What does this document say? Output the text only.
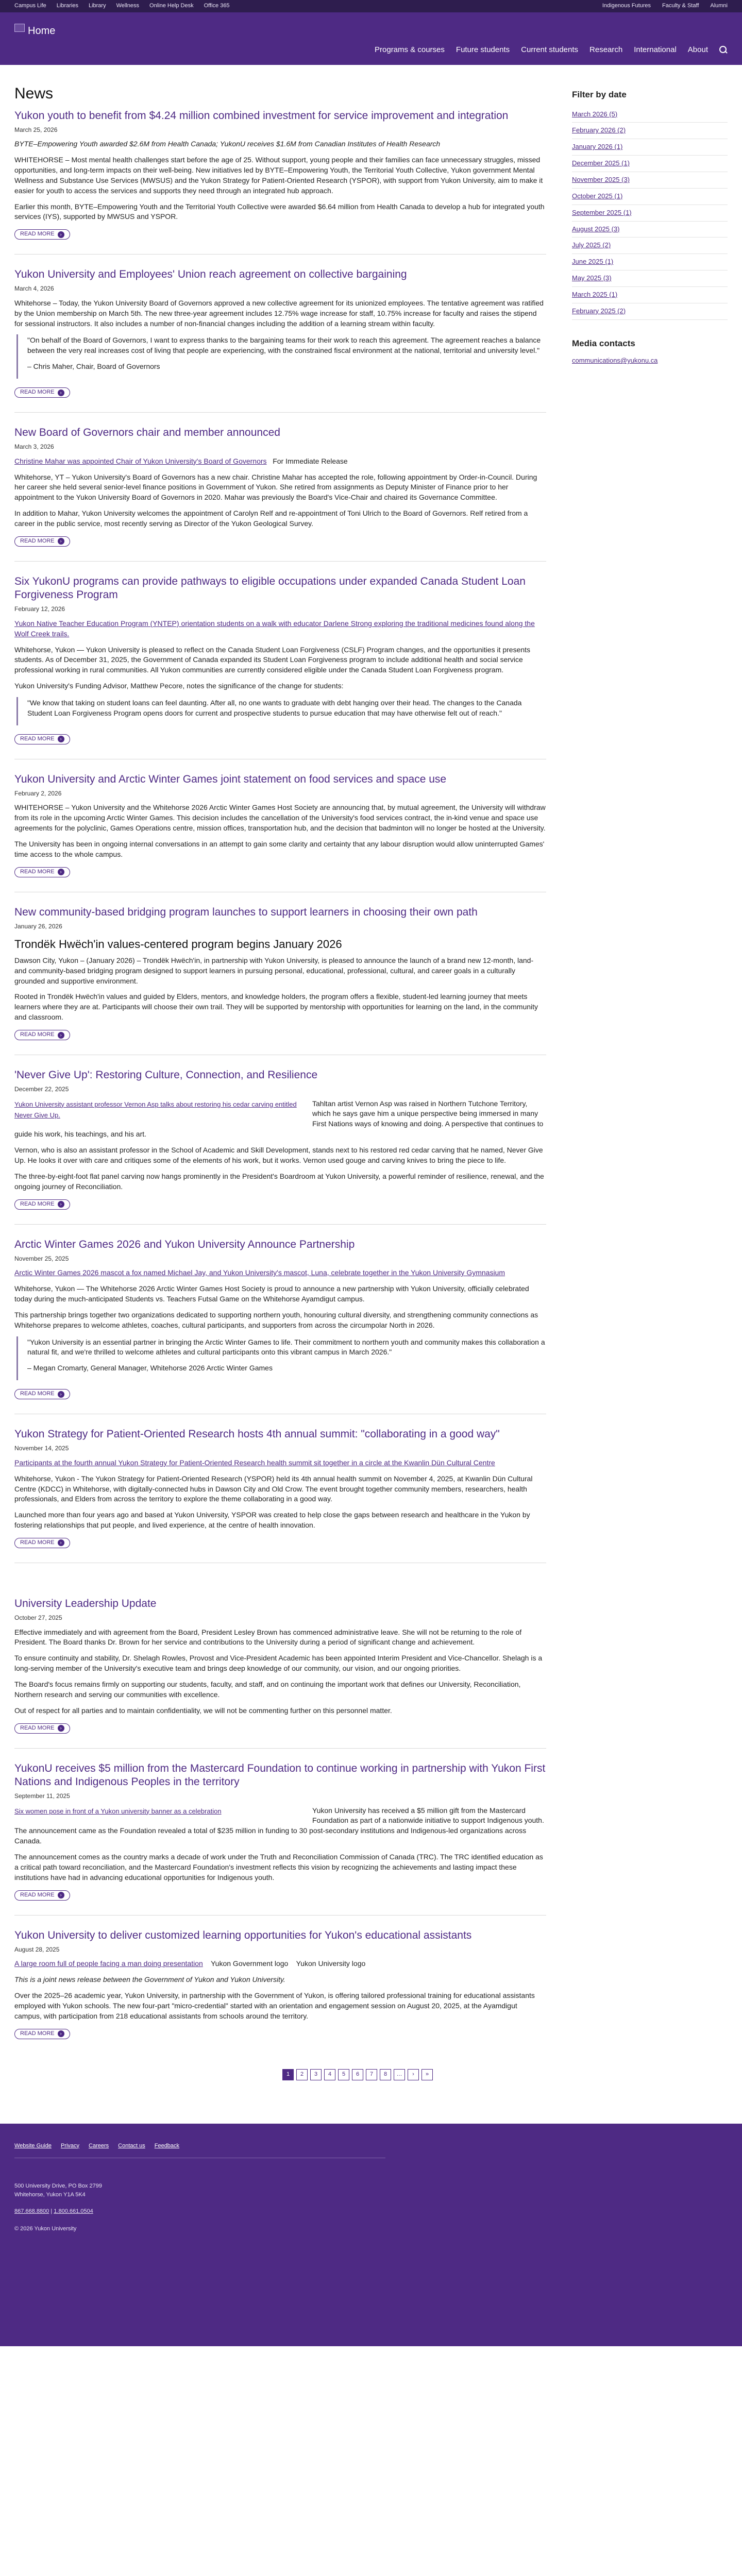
Campus Life Libraries Library Wellness Online Help Desk Office 365	Indigenous Futures Faculty & Staff Alumni
Home
Programs & courses Future students Current students Research International About
News
Yukon youth to benefit from $4.24 million combined investment for service improvement and integration
March 25, 2026

BYTE–Empowering Youth awarded $2.6M from Health Canada; YukonU receives $1.6M from Canadian Institutes of Health Research

WHITEHORSE – Most mental health challenges start before the age of 25. Without support, young people and their families can face unnecessary struggles, missed opportunities, and long-term impacts on their well-being. New initiatives led by BYTE–Empowering Youth, the Territorial Youth Collective, Yukon government Mental Wellness and Substance Use Services (MWSUS) and the Yukon Strategy for Patient-Oriented Research (YSPOR), with support from Yukon University, aim to make it easier for youth to access the services and supports they need through an integrated hub approach.

Earlier this month, BYTE–Empowering Youth and the Territorial Youth Collective were awarded $6.64 million from Health Canada to develop a hub for integrated youth services (IYS), supported by MWSUS and YSPOR.

READ MORE	›
Yukon University and Employees' Union reach agreement on collective bargaining
March 4, 2026

Whitehorse – Today, the Yukon University Board of Governors approved a new collective agreement for its unionized employees. The tentative agreement was ratified by the Union membership on March 5th. The new three-year agreement includes 12.75% wage increase for staff, 10.75% increase for faculty and raises the stipend for sessional instructors. It also includes a number of non-financial changes including the addition of a learning stream within faculty.

"On behalf of the Board of Governors, I want to express thanks to the bargaining teams for their work to reach this agreement. The agreement reaches a balance between the very real increases cost of living that people are experiencing, with the constrained fiscal environment at the national, territorial and university level."

– Chris Maher, Chair, Board of Governors

READ MORE	›
New Board of Governors chair and member announced
March 3, 2026

Christine Mahar was appointed Chair of Yukon University's Board of Governors For Immediate Release

Whitehorse, YT – Yukon University's Board of Governors has a new chair. Christine Mahar has accepted the role, following appointment by Order-in-Council. During her career she held several senior-level finance positions in Government of Yukon. She retired from assignments as Deputy Minister of Finance prior to her appointment to the Yukon University Board of Governors in 2020. Mahar was previously the Board's Vice-Chair and chaired its Governance Committee.

In addition to Mahar, Yukon University welcomes the appointment of Carolyn Relf and re-appointment of Toni Ulrich to the Board of Governors. Relf retired from a career in the public service, most recently serving as Director of the Yukon Geological Survey.

READ MORE	›
Six YukonU programs can provide pathways to eligible occupations under expanded Canada Student Loan Forgiveness Program
February 12, 2026

Yukon Native Teacher Education Program (YNTEP) orientation students on a walk with educator Darlene Strong exploring the traditional medicines found along the Wolf Creek trails.

Whitehorse, Yukon — Yukon University is pleased to reflect on the Canada Student Loan Forgiveness (CSLF) Program changes, and the opportunities it presents students. As of December 31, 2025, the Government of Canada expanded its Student Loan Forgiveness program to include additional health and social service professional working in rural communities. All Yukon communities are currently considered eligible under the Canada Student Loan Forgiveness program.

Yukon University's Funding Advisor, Matthew Pecore, notes the significance of the change for students:

"We know that taking on student loans can feel daunting. After all, no one wants to graduate with debt hanging over their head. The changes to the Canada Student Loan Forgiveness Program opens doors for current and prospective students to pursue education that may have otherwise felt out of reach."

READ MORE	›
Yukon University and Arctic Winter Games joint statement on food services and space use
February 2, 2026

WHITEHORSE – Yukon University and the Whitehorse 2026 Arctic Winter Games Host Society are announcing that, by mutual agreement, the University will withdraw from its role in the upcoming Arctic Winter Games. This decision includes the cancellation of the University's food services contract, the in-kind venue and space use agreements for the polyclinic, Games Operations centre, mission offices, transportation hub, and the decision that badminton will no longer be hosted at the University.

The University has been in ongoing internal conversations in an attempt to gain some clarity and certainty that any labour disruption would allow uninterrupted Games' time access to the whole campus.

READ MORE	›
New community-based bridging program launches to support learners in choosing their own path
January 26, 2026
Trondëk Hwëch'in values-centered program begins January 2026

Dawson City, Yukon – (January 2026) – Trondëk Hwëch'in, in partnership with Yukon University, is pleased to announce the launch of a brand new 12-month, land- and community-based bridging program designed to support learners in pursuing personal, educational, professional, cultural, and career goals in a culturally grounded and supportive environment.

Rooted in Trondëk Hwëch'in values and guided by Elders, mentors, and knowledge holders, the program offers a flexible, student-led learning journey that meets learners where they are at. Participants will choose their own trail. They will be supported by mentorship with opportunities for learning on the land, in the community and classroom.

READ MORE	›
'Never Give Up': Restoring Culture, Connection, and Resilience
December 22, 2025
Yukon University assistant professor Vernon Asp talks about restoring his cedar carving entitled Never Give Up.

Tahltan artist Vernon Asp was raised in Northern Tutchone Territory, which he says gave him a unique perspective being immersed in many First Nations ways of knowing and doing. A perspective that continues to guide his work, his teachings, and his art.

Vernon, who is also an assistant professor in the School of Academic and Skill Development, stands next to his restored red cedar carving that he named, Never Give Up. He looks it over with care and critiques some of the elements of his work, but it works. Vernon used gouge and carving knives to bring the piece to life.

The three-by-eight-foot flat panel carving now hangs prominently in the President's Boardroom at Yukon University, a powerful reminder of resilience, renewal, and the ongoing journey of Reconciliation.

READ MORE	›
Arctic Winter Games 2026 and Yukon University Announce Partnership
November 25, 2025

Arctic Winter Games 2026 mascot a fox named Michael Jay, and Yukon University's mascot, Luna, celebrate together in the Yukon University Gymnasium

Whitehorse, Yukon — The Whitehorse 2026 Arctic Winter Games Host Society is proud to announce a new partnership with Yukon University, officially celebrated today during the much-anticipated Students vs. Teachers Futsal Game on the Whitehorse Ayamdigut campus.

This partnership brings together two organizations dedicated to supporting northern youth, honouring cultural diversity, and strengthening community connections as Whitehorse prepares to welcome athletes, coaches, cultural participants, and supporters from across the circumpolar North in 2026.

"Yukon University is an essential partner in bringing the Arctic Winter Games to life. Their commitment to northern youth and community makes this collaboration a natural fit, and we're thrilled to welcome athletes and cultural participants onto this vibrant campus in March 2026."

– Megan Cromarty, General Manager, Whitehorse 2026 Arctic Winter Games

READ MORE	›
Yukon Strategy for Patient-Oriented Research hosts 4th annual summit: "collaborating in a good way"
November 14, 2025

Participants at the fourth annual Yukon Strategy for Patient-Oriented Research health summit sit together in a circle at the Kwanlin Dün Cultural Centre

Whitehorse, Yukon - The Yukon Strategy for Patient-Oriented Research (YSPOR) held its 4th annual health summit on November 4, 2025, at Kwanlin Dün Cultural Centre (KDCC) in Whitehorse, with digitally-connected hubs in Dawson City and Old Crow. The event brought together community members, researchers, health professionals, and Elders from across the territory to explore the theme collaborating in a good way.

Launched more than four years ago and based at Yukon University, YSPOR was created to help close the gaps between research and healthcare in the Yukon by fostering relationships that put people, and lived experience, at the centre of health innovation.

READ MORE	›
University Leadership Update
October 27, 2025

Effective immediately and with agreement from the Board, President Lesley Brown has commenced administrative leave. She will not be returning to the role of President. The Board thanks Dr. Brown for her service and contributions to the University during a period of significant change and achievement.

To ensure continuity and stability, Dr. Shelagh Rowles, Provost and Vice-President Academic has been appointed Interim President and Vice-Chancellor. Shelagh is a long-serving member of the University's executive team and brings deep knowledge of our community, our vision, and our ongoing priorities.

The Board's focus remains firmly on supporting our students, faculty, and staff, and on continuing the important work that defines our University, Reconciliation, Northern research and serving our communities with excellence.

Out of respect for all parties and to maintain confidentiality, we will not be commenting further on this personnel matter.

READ MORE	›
YukonU receives $5 million from the Mastercard Foundation to continue working in partnership with Yukon First Nations and Indigenous Peoples in the territory
September 11, 2025
Six women pose in front of a Yukon university banner as a celebration	Yukon University has received a $5 million gift from the Mastercard Foundation as part of a nationwide initiative to support Indigenous youth. The announcement came as the Foundation revealed a total of $235 million in funding to 30 post-secondary institutions and Indigenous-led organizations across Canada.

The announcement comes as the country marks a decade of work under the Truth and Reconciliation Commission of Canada (TRC). The TRC identified education as a critical path toward reconciliation, and the Mastercard Foundation's investment reflects this vision by recognizing the achievements and lasting impact these institutions have had in advancing educational opportunities for Indigenous youth.

READ MORE	›
Yukon University to deliver customized learning opportunities for Yukon's educational assistants
August 28, 2025

A large room full of people facing a man doing presentation Yukon Government logo Yukon University logo

This is a joint news release between the Government of Yukon and Yukon University.

Over the 2025–26 academic year, Yukon University, in partnership with the Government of Yukon, is offering tailored professional training for educational assistants employed with Yukon schools. The new four-part "micro-credential" started with an orientation and engagement session on August 20, 2025, at the Ayamdigut campus, with participation from 218 educational assistants from schools around the territory.

READ MORE	›
1	2	3	4	5	6	7	8	…	›	»
Filter by date
March 2026 (5)
February 2026 (2)
January 2026 (1)
December 2025 (1)
November 2025 (3)
October 2025 (1)
September 2025 (1)
August 2025 (3)
July 2025 (2)
June 2025 (1)
May 2025 (3)
March 2025 (1)
February 2025 (2)
Media contacts
communications@yukonu.ca
Website Guide Privacy Careers Contact us Feedback
500 University Drive, PO Box 2799
Whitehorse, Yukon Y1A 5K4
867.668.8800 | 1.800.661.0504
© 2026 Yukon University
